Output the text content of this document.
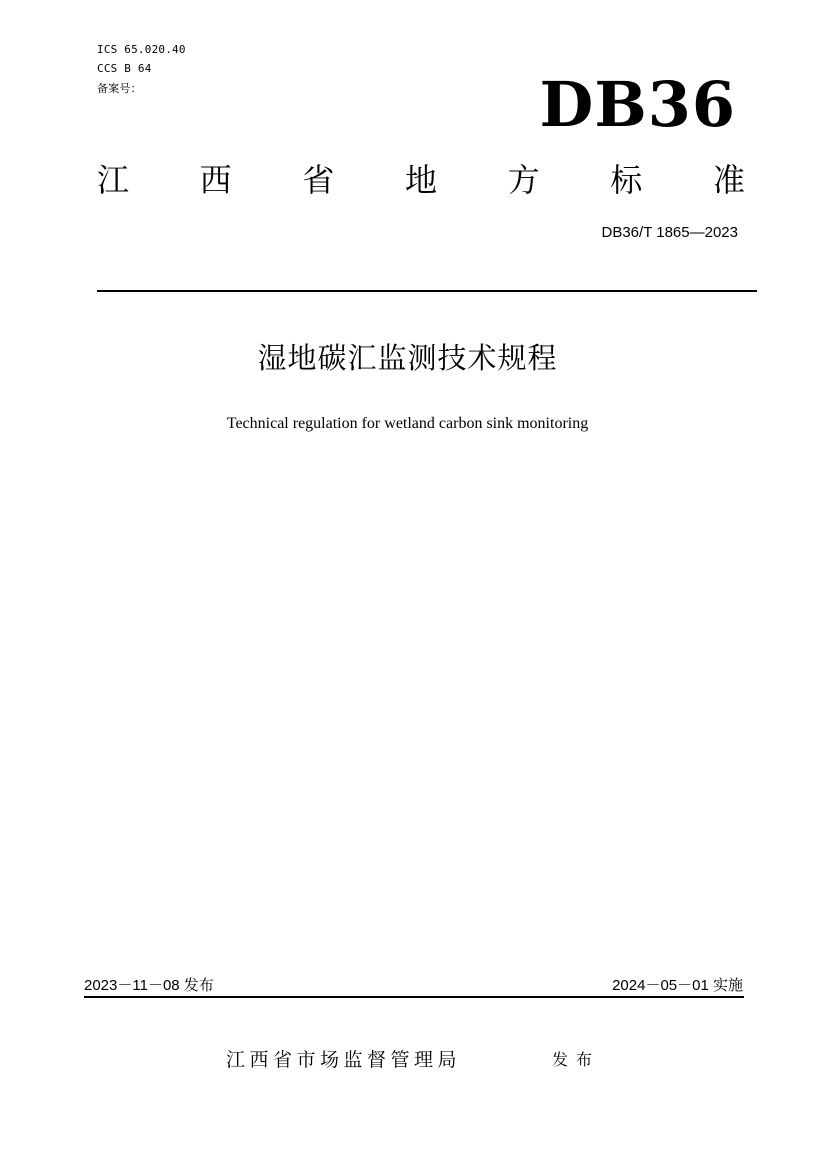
ICS 65.020.40
CCS B 64
备案号：	DB36
江 西 省 地 方 标 准
DB36/T 1865—2023
湿地碳汇监测技术规程
Technical regulation for wetland carbon sink monitoring
2023－11－08 发布	2024－05－01 实施
江西省市场监督管理局	发布
